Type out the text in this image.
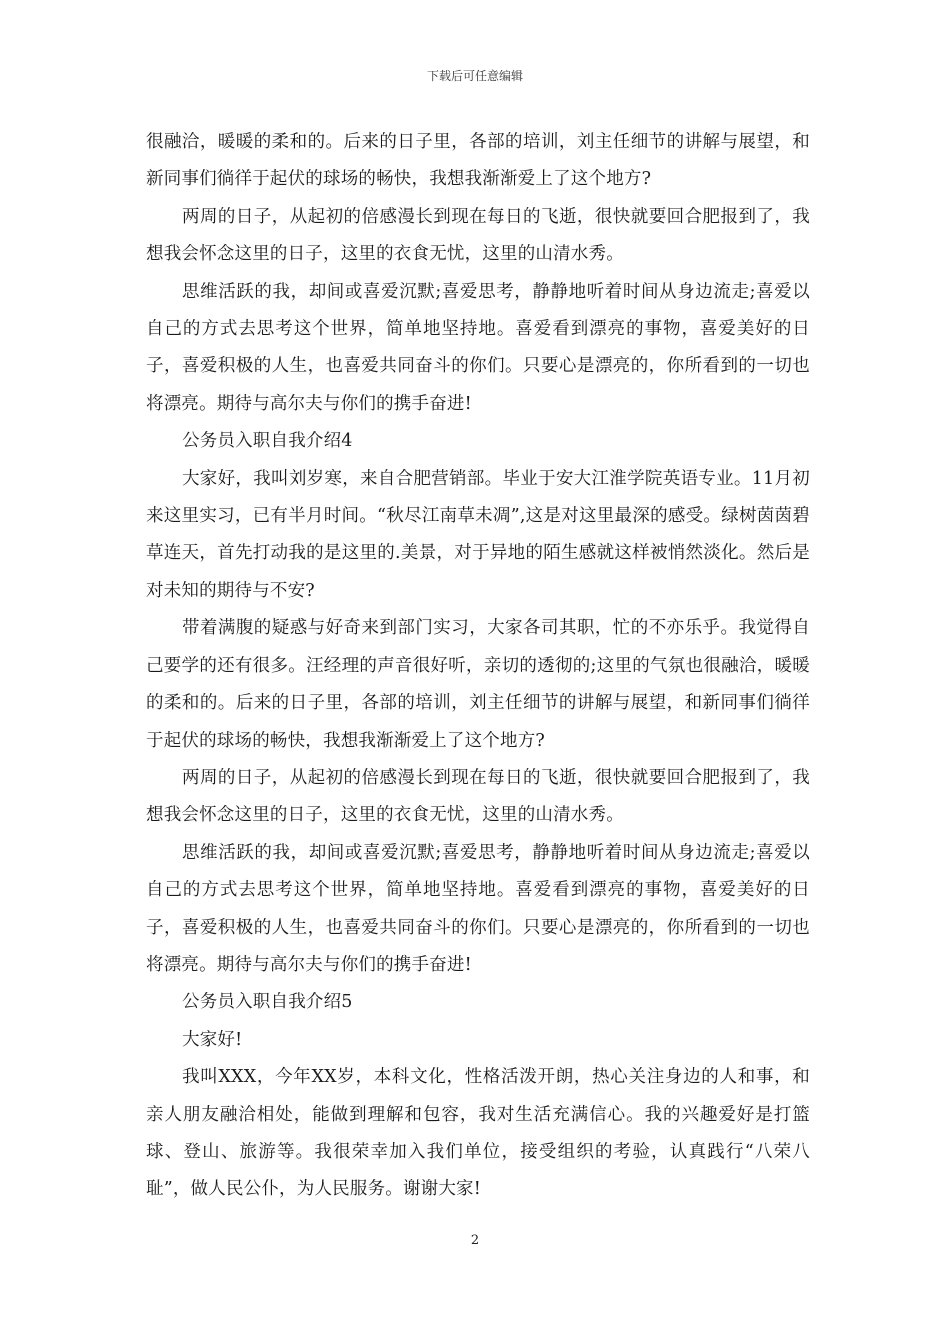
下载后可任意编辑

很融洽，暖暖的柔和的。后来的日子里，各部的培训，刘主任细节的讲解与展望，和新同事们徜徉于起伏的球场的畅快，我想我渐渐爱上了这个地方?

两周的日子，从起初的倍感漫长到现在每日的飞逝，很快就要回合肥报到了，我想我会怀念这里的日子，这里的衣食无忧，这里的山清水秀。

思维活跃的我，却间或喜爱沉默;喜爱思考，静静地听着时间从身边流走;喜爱以自己的方式去思考这个世界，简单地坚持地。喜爱看到漂亮的事物，喜爱美好的日子，喜爱积极的人生，也喜爱共同奋斗的你们。只要心是漂亮的，你所看到的一切也将漂亮。期待与高尔夫与你们的携手奋进!

公务员入职自我介绍4

大家好，我叫刘岁寒，来自合肥营销部。毕业于安大江淮学院英语专业。11月初来这里实习，已有半月时间。“秋尽江南草未凋”,这是对这里最深的感受。绿树茵茵碧草连天，首先打动我的是这里的.美景，对于异地的陌生感就这样被悄然淡化。然后是对未知的期待与不安?

带着满腹的疑惑与好奇来到部门实习，大家各司其职，忙的不亦乐乎。我觉得自己要学的还有很多。汪经理的声音很好听，亲切的透彻的;这里的气氛也很融洽，暖暖的柔和的。后来的日子里，各部的培训，刘主任细节的讲解与展望，和新同事们徜徉于起伏的球场的畅快，我想我渐渐爱上了这个地方?

两周的日子，从起初的倍感漫长到现在每日的飞逝，很快就要回合肥报到了，我想我会怀念这里的日子，这里的衣食无忧，这里的山清水秀。

思维活跃的我，却间或喜爱沉默;喜爱思考，静静地听着时间从身边流走;喜爱以自己的方式去思考这个世界，简单地坚持地。喜爱看到漂亮的事物，喜爱美好的日子，喜爱积极的人生，也喜爱共同奋斗的你们。只要心是漂亮的，你所看到的一切也将漂亮。期待与高尔夫与你们的携手奋进!

公务员入职自我介绍5

大家好!

我叫XXX，今年XX岁，本科文化，性格活泼开朗，热心关注身边的人和事，和亲人朋友融洽相处，能做到理解和包容，我对生活充满信心。我的兴趣爱好是打篮球、登山、旅游等。我很荣幸加入我们单位，接受组织的考验，认真践行“八荣八耻”，做人民公仆，为人民服务。谢谢大家!

2
